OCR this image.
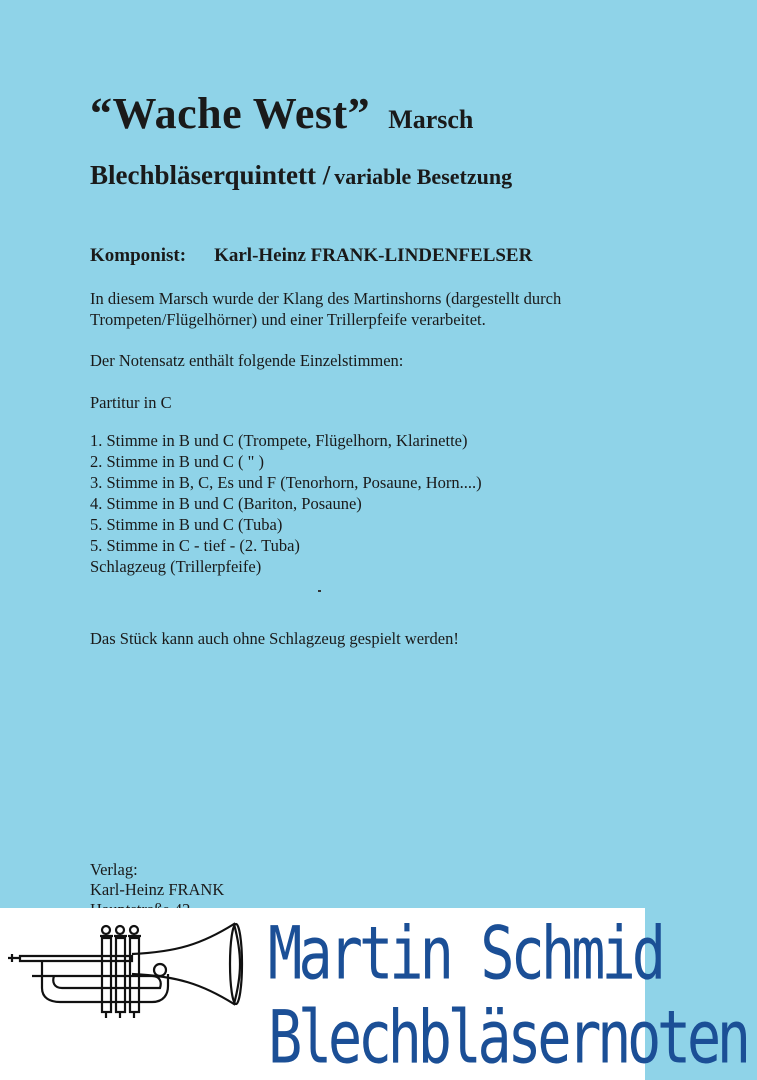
“Wache West” Marsch
Blechbläserquintett / variable Besetzung
Komponist: Karl-Heinz FRANK-LINDENFELSER
In diesem Marsch wurde der Klang des Martinshorns (dargestellt durch
Trompeten/Flügelhörner) und einer Trillerpfeife verarbeitet.
Der Notensatz enthält folgende Einzelstimmen:
Partitur in C
1. Stimme in B und C (Trompete, Flügelhorn, Klarinette)
2. Stimme in B und C ( " )
3. Stimme in B, C, Es und F (Tenorhorn, Posaune, Horn....)
4. Stimme in B und C (Bariton, Posaune)
5. Stimme in B und C (Tuba)
5. Stimme in C - tief - (2. Tuba)
Schlagzeug (Trillerpfeife)
Das Stück kann auch ohne Schlagzeug gespielt werden!
Verlag:
Karl-Heinz FRANK
Martin Schmid
Blechbläsernoten
